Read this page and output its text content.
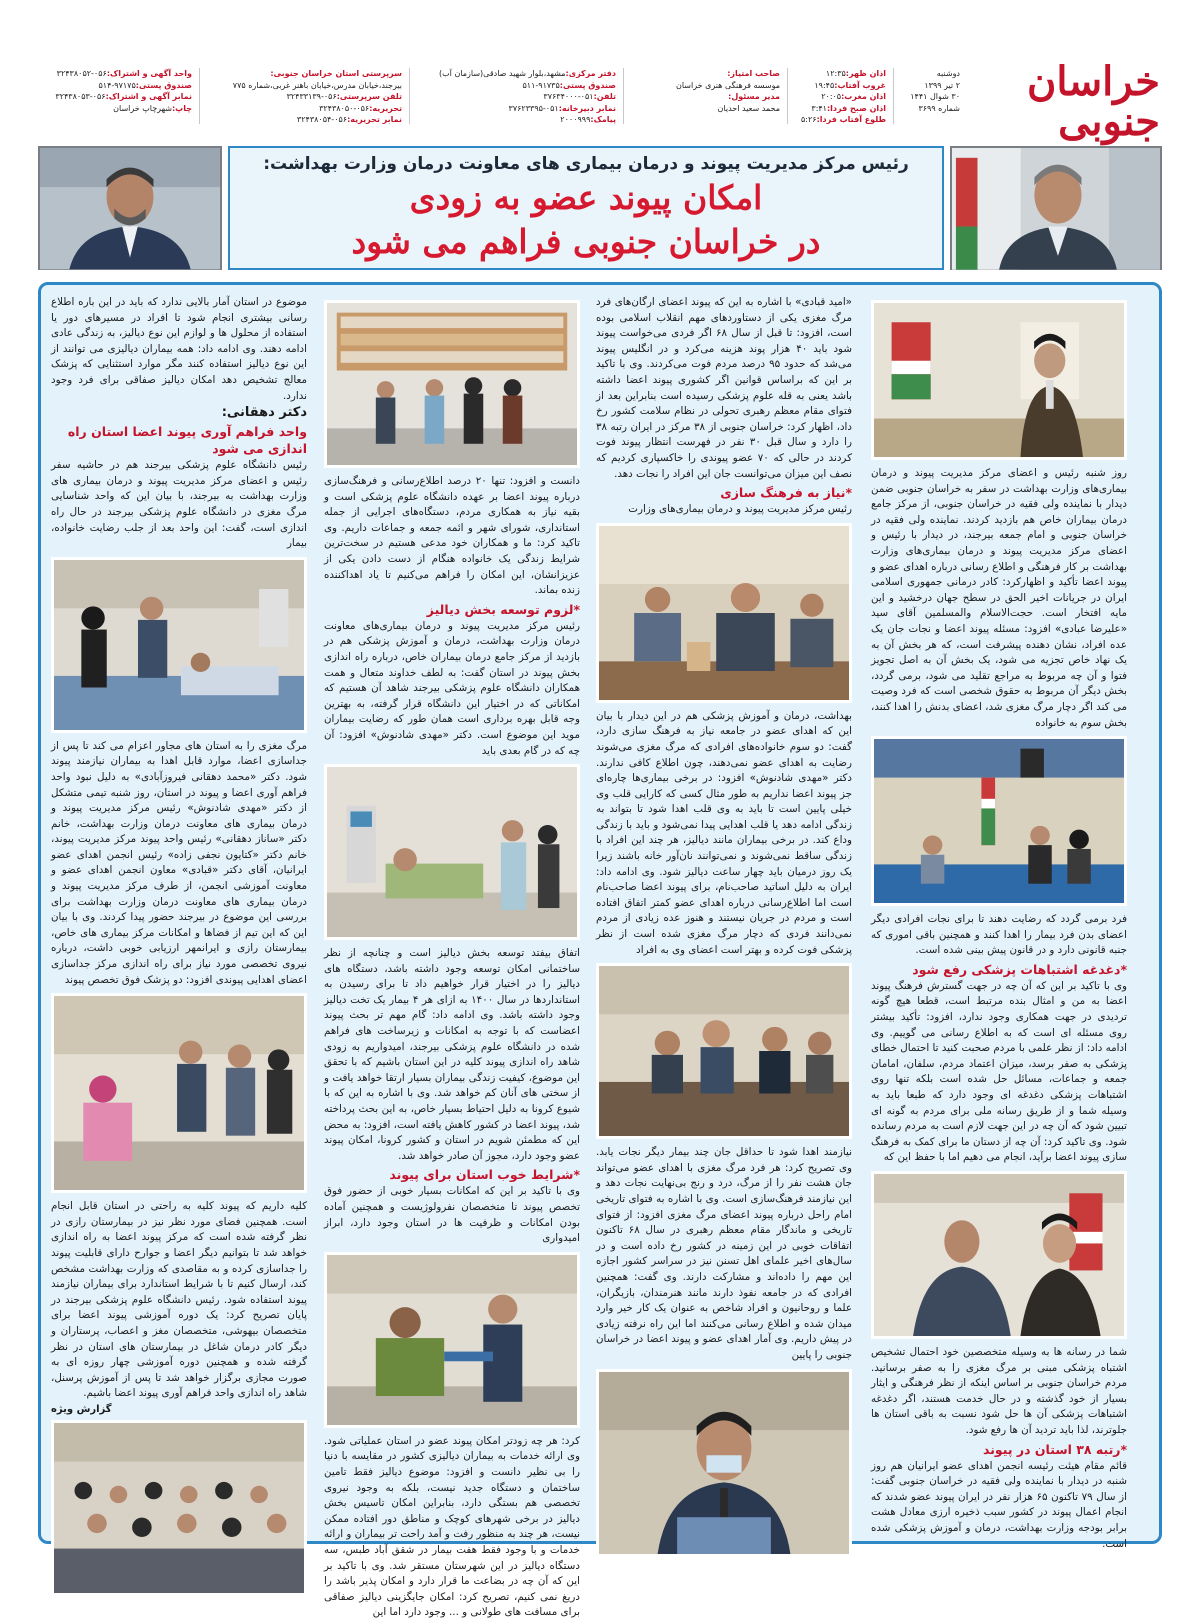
خراسان جنوبی
دوشنبه
۲ تیر ۱۳۹۹
۳۰ شوال ۱۴۴۱
شماره ۳۶۹۹
اذان ظهر:۱۲:۳۵
غروب آفتاب:۱۹:۴۵
اذان مغرب:۲۰:۰۵
اذان صبح فردا:۳:۴۱
طلوع آفتاب فردا:۵:۲۶
صاحب امتیاز:
موسسه فرهنگی هنری خراسان
مدیر مسئول:
محمد سعید احدیان
دفتر مرکزی:مشهد،بلوار شهید صادقی(سازمان آب)
صندوق پستی:۹۱۷۳۵-۵۱۱
تلفن:۰۵۱-۳۷۶۳۴۰۰۰
نمابر دبیرخانه:۰۵۱-۳۷۶۲۳۳۹۵
پیامک:۲۰۰۰۹۹۹
سرپرستی استان خراسان جنوبی:
بیرجند،خیابان مدرس،خیابان باهنر غربی،شماره ۷۷۵
تلفن سرپرستی:۰۵۶-۳۲۴۳۳۱۳۹
تحریریه:۰۵۶-۳۲۴۳۸۰۵۰
نمابر تحریریه:۰۵۶-۳۲۴۳۸۰۵۴
واحد آگهی و اشتراک:۰۵۶-۳۲۴۳۸۰۵۲
صندوق پستی:۹۷۱۷۵-۵۱۴
نمابر آگهی و اشتراک:۰۵۶-۳۲۴۳۸۰۵۳
چاپ:شهرچاپ خراسان
رئیس مرکز مدیریت پیوند و درمان بیماری های معاونت درمان وزارت بهداشت:
امکان پیوند عضو به زودی
در خراسان جنوبی فراهم می شود

روز شنبه رئیس و اعضای مرکز مدیریت پیوند و درمان بیماری‌های وزارت بهداشت در سفر به خراسان جنوبی ضمن دیدار با نماینده ولی فقیه در خراسان جنوبی، از مرکز جامع درمان بیماران خاص هم بازدید کردند. نماینده ولی فقیه در خراسان جنوبی و امام جمعه بیرجند، در دیدار با رئیس و اعضای مرکز مدیریت پیوند و درمان بیماری‌های وزارت بهداشت بر کار فرهنگی و اطلاع رسانی درباره اهدای عضو و پیوند اعضا تأکید و اظهارکرد: کادر درمانی جمهوری اسلامی ایران در جریانات اخیر الحق در سطح جهان درخشید و این مایه افتخار است. حجت‌الاسلام والمسلمین آقای سید «علیرضا عبادی» افزود: مسئله پیوند اعضا و نجات جان یک عده افراد، نشان دهنده پیشرفت است، که هر بخش آن به یک نهاد خاص تجزیه می شود، یک بخش آن به اصل تجویز فتوا و آن چه مربوط به مراجع تقلید می شود، برمی گردد، بخش دیگر آن مربوط به حقوق شخصی است که فرد وصیت می کند اگر دچار مرگ مغزی شد، اعضای بدنش را اهدا کنند، بخش سوم به خانواده

فرد برمی گردد که رضایت دهند تا برای نجات افرادی دیگر اعضای بدن فرد بیمار را اهدا کنند و همچنین باقی اموری که جنبه قانونی دارد و در قانون پیش بینی شده است.

*دغدغه اشتباهات پزشکی رفع شود

وی با تاکید بر این که آن چه در جهت گسترش فرهنگ پیوند اعضا به من و امثال بنده مرتبط است، قطعا هیچ گونه تردیدی در جهت همکاری وجود ندارد، افزود: تأکید بیشتر روی مسئله ای است که به اطلاع رسانی می گوییم. وی ادامه داد: از نظر علمی با مردم صحبت کنید تا احتمال خطای پزشکی به صفر برسد، میزان اعتماد مردم، سلفان، امامان جمعه و جماعات، مسائل حل شده است بلکه تنها روی اشتباهات پزشکی دغدغه ای وجود دارد که طبعا باید به وسیله شما و از طریق رسانه ملی برای مردم به گونه ای تبیین شود که آن چه در این جهت لازم است به مردم رسانده شود. وی تاکید کرد: آن چه از دستان ما برای کمک به فرهنگ سازی پیوند اعضا برآید، انجام می دهیم اما با حفظ این که

شما در رسانه ها به وسیله متخصصین خود احتمال تشخیص اشتباه پزشکی مبنی بر مرگ مغزی را به صفر برسانید. مردم خراسان جنوبی بر اساس اینکه از نظر فرهنگی و ایثار بسیار از خود گذشته و در حال خدمت هستند، اگر دغدغه اشتباهات پزشکی آن ها حل شود نسبت به باقی استان ها جلوترند، لذا باید تردید آن ها رفع شود.

*رتبه ۳۸ استان در پیوند

قائم مقام هیئت رئیسه انجمن اهدای عضو ایرانیان هم روز شنبه در دیدار با نماینده ولی فقیه در خراسان جنوبی گفت: از سال ۷۹ تاکنون ۶۵ هزار نفر در ایران پیوند عضو شدند که انجام اعمال پیوند در کشور سبب ذخیره ارزی معادل هشت برابر بودجه وزارت بهداشت، درمان و آموزش پزشکی شده است.

«امید قبادی» با اشاره به این که پیوند اعضای ارگان‌های فرد مرگ مغزی یکی از دستاوردهای مهم انقلاب اسلامی بوده است، افزود: تا قبل از سال ۶۸ اگر فردی می‌خواست پیوند شود باید ۴۰ هزار پوند هزینه می‌کرد و در انگلیس پیوند می‌شد که حدود ۹۵ درصد مردم فوت می‌کردند. وی با تاکید بر این که براساس قوانین اگر کشوری پیوند اعضا داشته باشد یعنی به قله علوم پزشکی رسیده است بنابراین بعد از فتوای مقام معظم رهبری تحولی در نظام سلامت کشور رخ داد، اظهار کرد: خراسان جنوبی از ۳۸ مرکز در ایران رتبه ۳۸ را دارد و سال قبل ۳۰ نفر در فهرست انتظار پیوند فوت کردند در حالی که ۷۰ عضو پیوندی را خاکسپاری کردیم که نصف این میزان می‌توانست جان این افراد را نجات دهد.

*نیاز به فرهنگ سازی

رئیس مرکز مدیریت پیوند و درمان بیماری‌های وزارت

بهداشت، درمان و آموزش پزشکی هم در این دیدار با بیان این که اهدای عضو در جامعه نیاز به فرهنگ سازی دارد، گفت: دو سوم خانواده‌های افرادی که مرگ مغزی می‌شوند رضایت به اهدای عضو نمی‌دهند، چون اطلاع کافی ندارند. دکتر «مهدی شادنوش» افزود: در برخی بیماری‌ها چاره‌ای جز پیوند اعضا نداریم به طور مثال کسی که کارایی قلب وی خیلی پایین است تا باید به وی قلب اهدا شود تا بتواند به زندگی ادامه دهد یا قلب اهدایی پیدا نمی‌شود و باید با زندگی وداع کند. در برخی بیماران مانند دیالیز، هر چند این افراد با زندگی ساقط نمی‌شوند و نمی‌توانند نان‌آور خانه باشند زیرا یک روز درمیان باید چهار ساعت دیالیز شود. وی ادامه داد: ایران به دلیل اساتید صاحب‌نام، برای پیوند اعضا صاحب‌نام است اما اطلاع‌رسانی درباره اهدای عضو کمتر اتفاق افتاده است و مردم در جریان نیستند و هنوز عده زیادی از مردم نمی‌دانند فردی که دچار مرگ مغزی شده است از نظر پزشکی فوت کرده و بهتر است اعضای وی به افراد

نیازمند اهدا شود تا حداقل جان چند بیمار دیگر نجات یابد. وی تصریح کرد: هر فرد مرگ مغزی با اهدای عضو می‌تواند جان هشت نفر را از مرگ، درد و رنج بی‌نهایت نجات دهد و این نیازمند فرهنگ‌سازی است. وی با اشاره به فتوای تاریخی امام راحل درباره پیوند اعضای مرگ مغزی افزود: از فتوای تاریخی و ماندگار مقام معظم رهبری در سال ۶۸ تاکنون اتفاقات خوبی در این زمینه در کشور رخ داده است و در سال‌های اخیر علمای اهل تسنن نیز در سراسر کشور اجازه این مهم را داده‌اند و مشارکت دارند. وی گفت: همچنین افرادی که در جامعه نفوذ دارند مانند هنرمندان، بازیگران، علما و روحانیون و افراد شاخص به عنوان یک کار خیر وارد میدان شده و اطلاع رسانی می‌کنند اما این راه نرفته زیادی در پیش داریم. وی آمار اهدای عضو و پیوند اعضا در خراسان جنوبی را پایین

دانست و افزود: تنها ۲۰ درصد اطلاع‌رسانی و فرهنگ‌سازی درباره پیوند اعضا بر عهده دانشگاه علوم پزشکی است و بقیه نیاز به همکاری مردم، دستگاه‌های اجرایی از جمله استانداری، شورای شهر و ائمه جمعه و جماعات داریم. وی تاکید کرد: ما و همکاران خود مدعی هستیم در سخت‌ترین شرایط زندگی یک خانواده هنگام از دست دادن یکی از عزیزانشان، این امکان را فراهم می‌کنیم تا یاد اهداکننده زنده بماند.

*لزوم توسعه بخش دیالیز

رئیس مرکز مدیریت پیوند و درمان بیماری‌های معاونت درمان وزارت بهداشت، درمان و آموزش پزشکی هم در بازدید از مرکز جامع درمان بیماران خاص، درباره راه اندازی بخش پیوند در استان گفت: به لطف خداوند متعال و همت همکاران دانشگاه علوم پزشکی بیرجند شاهد آن هستیم که امکاناتی که در اختیار این دانشگاه قرار گرفته، به بهترین وجه قابل بهره برداری است همان طور که رضایت بیماران موید این موضوع است. دکتر «مهدی شادنوش» افزود: آن چه که در گام بعدی باید

اتفاق بیفتد توسعه بخش دیالیز است و چنانچه از نظر ساختمانی امکان توسعه وجود داشته باشد، دستگاه های دیالیز را در اختیار قرار خواهیم داد تا برای رسیدن به استانداردها در سال ۱۴۰۰ به ازای هر ۴ بیمار یک تخت دیالیز وجود داشته باشد. وی ادامه داد: گام مهم تر بحث پیوند اعضاست که با توجه به امکانات و زیرساخت های فراهم شده در دانشگاه علوم پزشکی بیرجند، امیدواریم به زودی شاهد راه اندازی پیوند کلیه در این استان باشیم که با تحقق این موضوع، کیفیت زندگی بیماران بسیار ارتقا خواهد یافت و از سختی های آنان کم خواهد شد. وی با اشاره به این که با شیوع کرونا به دلیل احتیاط بسیار خاص، به این بحث پرداخته شد، پیوند اعضا در کشور کاهش یافته است، افزود: به محض این که مطمئن شویم در استان و کشور کرونا، امکان پیوند عضو وجود دارد، مجوز آن صادر خواهد شد.

*شرایط خوب استان برای پیوند

وی با تاکید بر این که امکانات بسیار خوبی از حضور فوق تخصص پیوند تا متخصصان نفرولوژیست و همچنین آماده بودن امکانات و ظرفیت ها در استان وجود دارد، ابراز امیدواری

کرد: هر چه زودتر امکان پیوند عضو در استان عملیاتی شود. وی ارائه خدمات به بیماران دیالیزی کشور در مقایسه با دنیا را بی نظیر دانست و افزود: موضوع دیالیز فقط تامین ساختمان و دستگاه جدید نیست، بلکه به وجود نیروی تخصصی هم بستگی دارد، بنابراین امکان تاسیس بخش دیالیز در برخی شهرهای کوچک و مناطق دور افتاده ممکن نیست، هر چند به منظور رفت و آمد راحت تر بیماران و ارائه خدمات و با وجود فقط هفت بیمار در شقق آباد طبس، سه دستگاه دیالیز در این شهرستان مستقر شد. وی با تاکید بر این که آن چه در بضاعت ما قرار دارد و امکان پذیر باشد را دریغ نمی کنیم، تصریح کرد: امکان جایگزینی دیالیز صفاقی برای مسافت های طولانی و ... وجود دارد اما این

موضوع در استان آمار بالایی ندارد که باید در این باره اطلاع رسانی بیشتری انجام شود تا افراد در مسیرهای دور یا استفاده از محلول ها و لوازم این نوع دیالیز، به زندگی عادی ادامه دهند. وی ادامه داد: همه بیماران دیالیزی می توانند از این نوع دیالیز استفاده کنند مگر موارد استثنایی که پزشک معالج تشخیص دهد امکان دیالیز صفاقی برای فرد وجود ندارد.

دکتر دهقانی:
واحد فراهم آوری پیوند اعضا استان راه اندازی می شود

رئیس دانشگاه علوم پزشکی بیرجند هم در حاشیه سفر رئیس و اعضای مرکز مدیریت پیوند و درمان بیماری های وزارت بهداشت به بیرجند، با بیان این که واحد شناسایی مرگ مغزی در دانشگاه علوم پزشکی بیرجند در حال راه اندازی است، گفت: این واحد بعد از جلب رضایت خانواده، بیمار

مرگ مغزی را به استان های مجاور اعزام می کند تا پس از جداسازی اعضا، موارد قابل اهدا به بیماران نیازمند پیوند شود. دکتر «محمد دهقانی فیروزآبادی» به دلیل نبود واحد فراهم آوری اعضا و پیوند در استان، روز شنبه تیمی متشکل از دکتر «مهدی شادنوش» رئیس مرکز مدیریت پیوند و درمان بیماری های معاونت درمان وزارت بهداشت، خانم دکتر «ساناز دهقانی» رئیس واحد پیوند مرکز مدیریت پیوند، خانم دکتر «کتایون نجفی زاده» رئیس انجمن اهدای عضو ایرانیان، آقای دکتر «قبادی» معاون انجمن اهدای عضو و معاونت آموزشی انجمن، از طرف مرکز مدیریت پیوند و درمان بیماری های معاونت درمان وزارت بهداشت برای بررسی این موضوع در بیرجند حضور پیدا کردند. وی با بیان این که این تیم از فضاها و امکانات مرکز بیماری های خاص، بیمارستان رازی و ایرانمهر ارزیابی خوبی داشت، درباره نیروی تخصصی مورد نیاز برای راه اندازی مرکز جداسازی اعضای اهدایی پیوندی افزود: دو پزشک فوق تخصص پیوند

کلیه داریم که پیوند کلیه به راحتی در استان قابل انجام است. همچنین فضای مورد نظر نیز در بیمارستان رازی در نظر گرفته شده است که مرکز پیوند اعضا به راه اندازی خواهد شد تا بتوانیم دیگر اعضا و جوارح دارای قابلیت پیوند را جداسازی کرده و به مقاصدی که وزارت بهداشت مشخص کند، ارسال کنیم تا با شرایط استاندارد برای بیماران نیازمند پیوند استفاده شود. رئیس دانشگاه علوم پزشکی بیرجند در پایان تصریح کرد: یک دوره آموزشی پیوند اعضا برای متخصصان بیهوشی، متخصصان مغز و اعصاب، پرستاران و دیگر کادر درمان شاغل در بیمارستان های استان در نظر گرفته شده و همچنین دوره آموزشی چهار روزه ای به صورت مجازی برگزار خواهد شد تا پس از آموزش پرسنل، شاهد راه اندازی واحد فراهم آوری پیوند اعضا باشیم.

گزارش ویژه
